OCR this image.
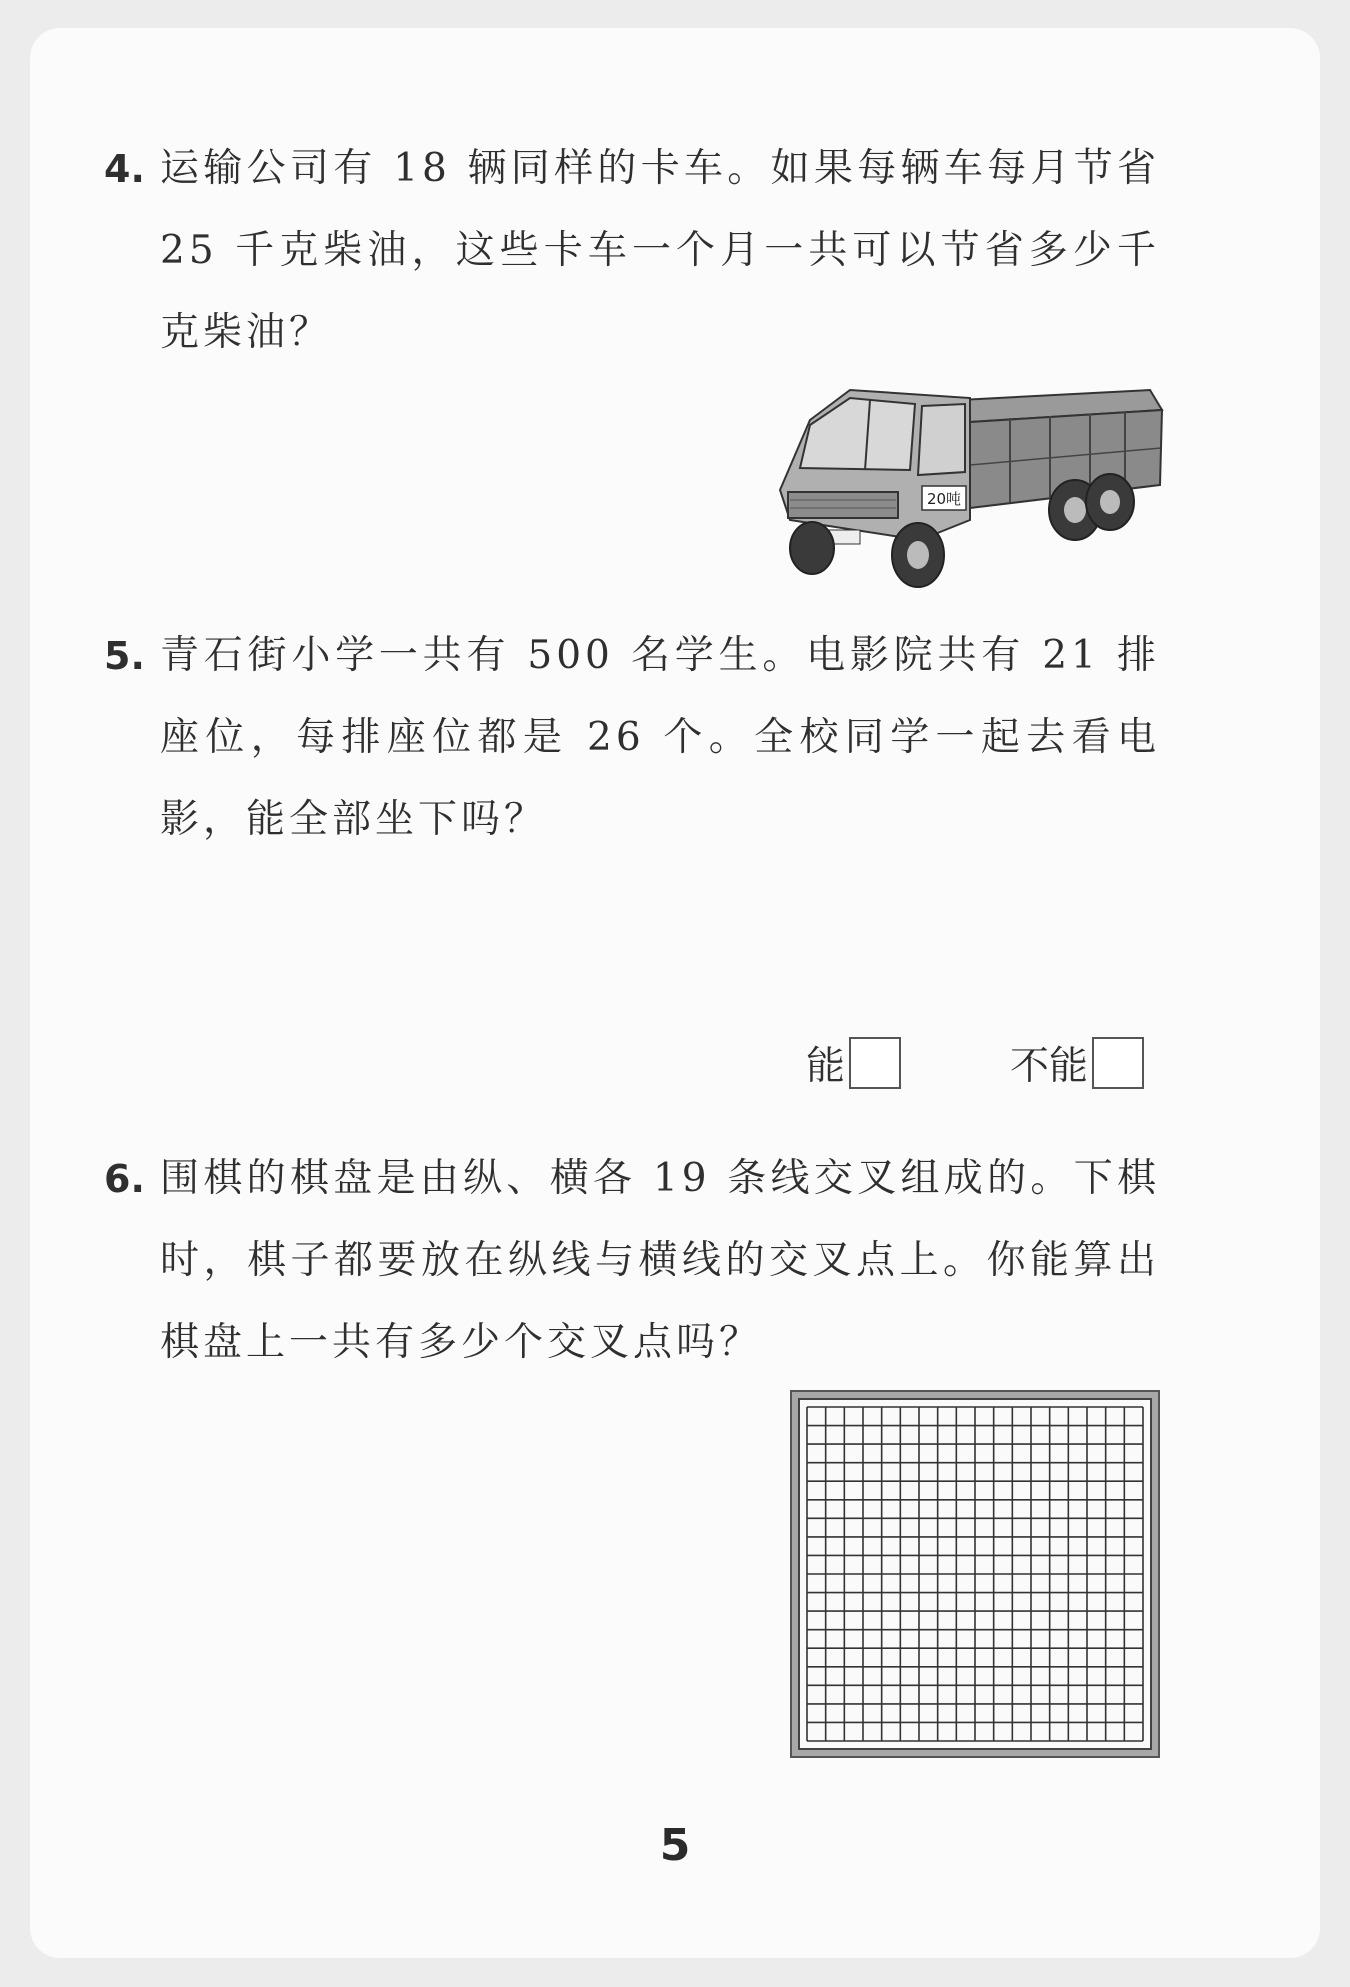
4. 运输公司有 18 辆同样的卡车。如果每辆车每月节省 25 千克柴油，这些卡车一个月一共可以节省多少千克柴油？
20吨
5. 青石街小学一共有 500 名学生。电影院共有 21 排座位，每排座位都是 26 个。全校同学一起去看电影，能全部坐下吗？
能	不能
6. 围棋的棋盘是由纵、横各 19 条线交叉组成的。下棋时，棋子都要放在纵线与横线的交叉点上。你能算出棋盘上一共有多少个交叉点吗？
5
